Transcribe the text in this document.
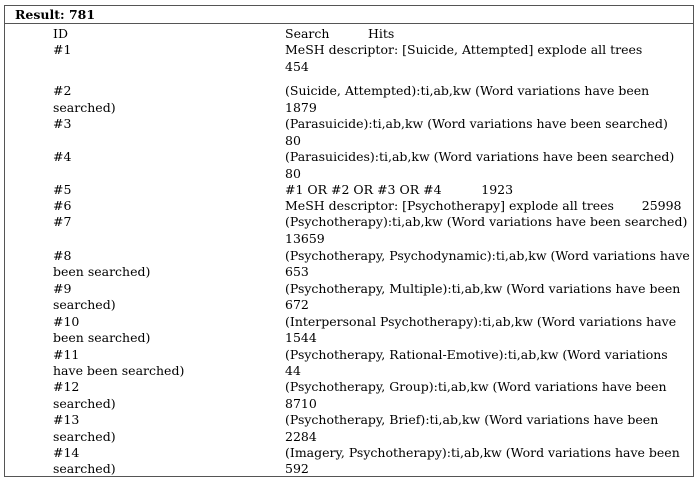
Result: 781
ID	Search	Hits
#1	MeSH descriptor: [Suicide, Attempted] explode all trees
454
#2	(Suicide, Attempted):ti,ab,kw (Word variations have been
searched)	1879
#3	(Parasuicide):ti,ab,kw (Word variations have been searched)
80
#4	(Parasuicides):ti,ab,kw (Word variations have been searched)
80
#5	#1 OR #2 OR #3 OR #4          1923
#6	MeSH descriptor: [Psychotherapy] explode all trees       25998
#7	(Psychotherapy):ti,ab,kw (Word variations have been searched)
13659
#8	(Psychotherapy, Psychodynamic):ti,ab,kw (Word variations have
been searched)	653
#9	(Psychotherapy, Multiple):ti,ab,kw (Word variations have been
searched)	672
#10	(Interpersonal Psychotherapy):ti,ab,kw (Word variations have
been searched)	1544
#11	(Psychotherapy, Rational-Emotive):ti,ab,kw (Word variations
have been searched)	44
#12	(Psychotherapy, Group):ti,ab,kw (Word variations have been
searched)	8710
#13	(Psychotherapy, Brief):ti,ab,kw (Word variations have been
searched)	2284
#14	(Imagery, Psychotherapy):ti,ab,kw (Word variations have been
searched)	592
